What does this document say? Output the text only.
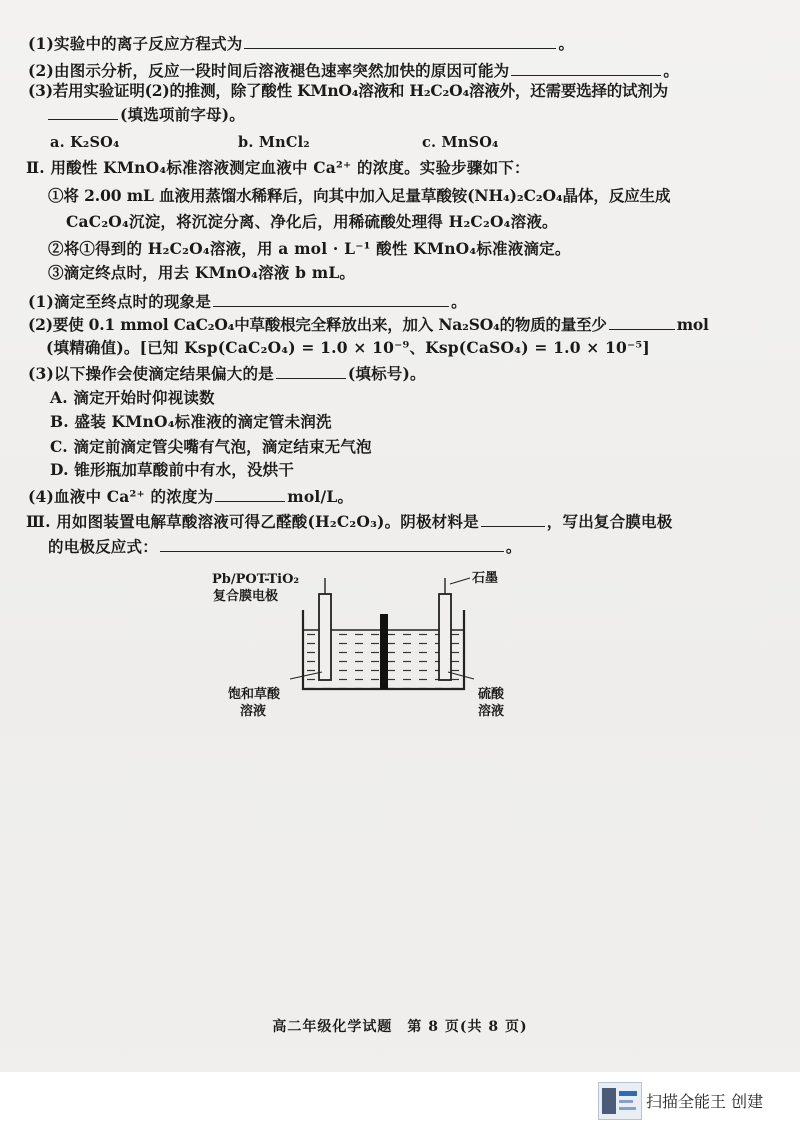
(1)实验中的离子反应方程式为	。
(2)由图示分析，反应一段时间后溶液褪色速率突然加快的原因可能为	。
(3)若用实验证明(2)的推测，除了酸性 KMnO₄溶液和 H₂C₂O₄溶液外，还需要选择的试剂为
(填选项前字母)。
a. K₂SO₄	b. MnCl₂	c. MnSO₄
Ⅱ. 用酸性 KMnO₄标准溶液测定血液中 Ca²⁺ 的浓度。实验步骤如下：
①将 2.00 mL 血液用蒸馏水稀释后，向其中加入足量草酸铵(NH₄)₂C₂O₄晶体，反应生成
CaC₂O₄沉淀，将沉淀分离、净化后，用稀硫酸处理得 H₂C₂O₄溶液。
②将①得到的 H₂C₂O₄溶液，用 a mol · L⁻¹ 酸性 KMnO₄标准液滴定。
③滴定终点时，用去 KMnO₄溶液 b mL。
(1)滴定至终点时的现象是	。
(2)要使 0.1 mmol CaC₂O₄中草酸根完全释放出来，加入 Na₂SO₄的物质的量至少	mol
(填精确值)。[已知 Ksp(CaC₂O₄) = 1.0 × 10⁻⁹、Ksp(CaSO₄) = 1.0 × 10⁻⁵]
(3)以下操作会使滴定结果偏大的是	(填标号)。
A. 滴定开始时仰视读数
B. 盛装 KMnO₄标准液的滴定管未润洗
C. 滴定前滴定管尖嘴有气泡，滴定结束无气泡
D. 锥形瓶加草酸前中有水，没烘干
(4)血液中 Ca²⁺ 的浓度为	mol/L。
Ⅲ. 用如图装置电解草酸溶液可得乙醛酸(H₂C₂O₃)。阴极材料是	，写出复合膜电极
的电极反应式：	。
Pb/POT-TiO₂
复合膜电极
石墨
饱和草酸
溶液
硫酸
溶液
高二年级化学试题　第 8 页(共 8 页)
扫描全能王 创建
